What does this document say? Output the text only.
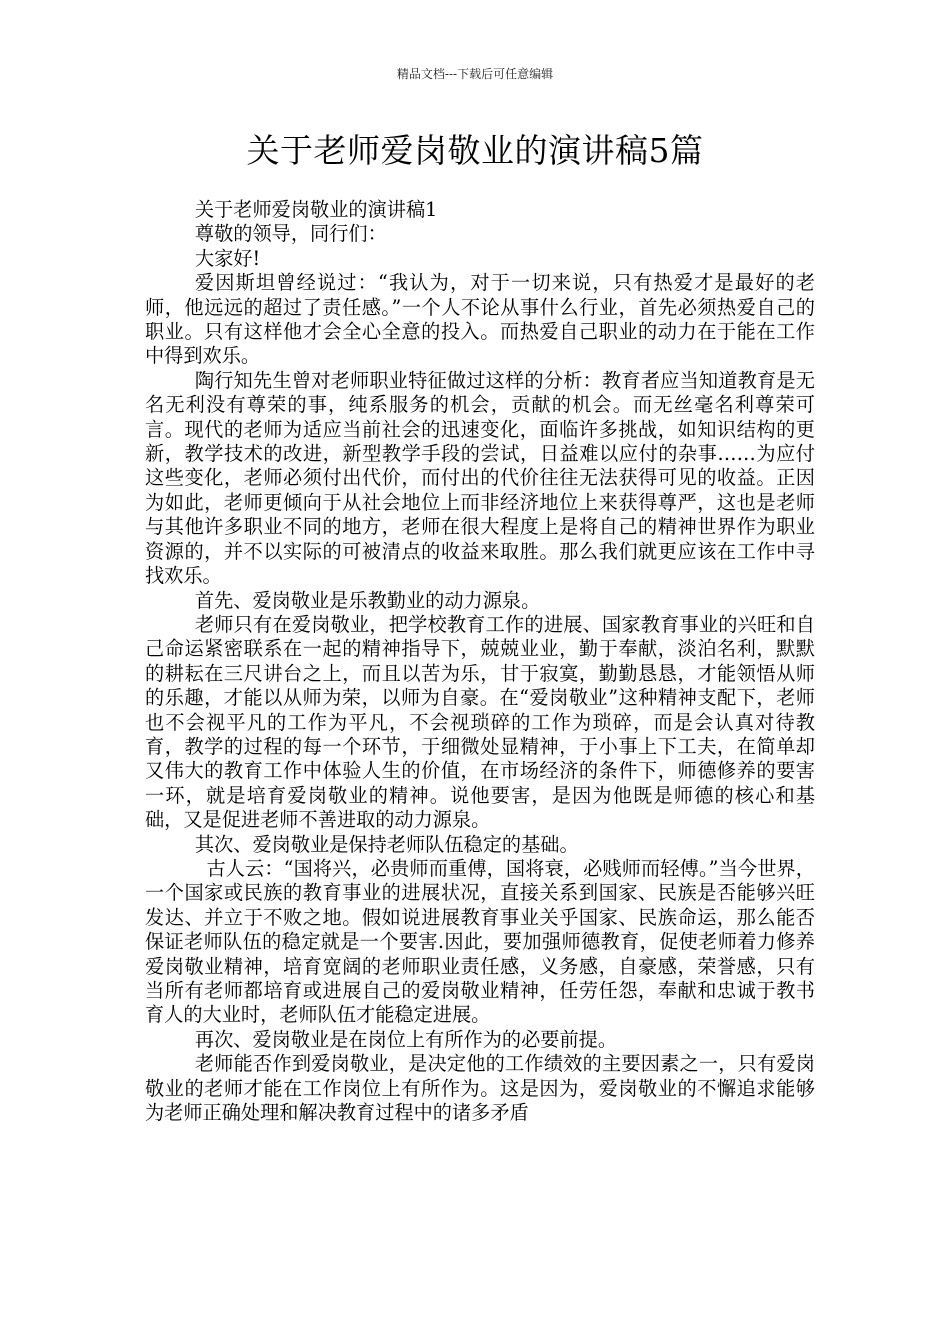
精品文档---下载后可任意编辑
关于老师爱岗敬业的演讲稿5篇

关于老师爱岗敬业的演讲稿1

尊敬的领导，同行们：

大家好!

爱因斯坦曾经说过：“我认为，对于一切来说，只有热爱才是最好的老师，他远远的超过了责任感。”一个人不论从事什么行业，首先必须热爱自己的职业。只有这样他才会全心全意的投入。而热爱自己职业的动力在于能在工作中得到欢乐。

陶行知先生曾对老师职业特征做过这样的分析：教育者应当知道教育是无名无利没有尊荣的事，纯系服务的机会，贡献的机会。而无丝毫名利尊荣可言。现代的老师为适应当前社会的迅速变化，面临许多挑战，如知识结构的更新，教学技术的改进，新型教学手段的尝试，日益难以应付的杂事……为应付这些变化，老师必须付出代价，而付出的代价往往无法获得可见的收益。正因为如此，老师更倾向于从社会地位上而非经济地位上来获得尊严，这也是老师与其他许多职业不同的地方，老师在很大程度上是将自己的精神世界作为职业资源的，并不以实际的可被清点的收益来取胜。那么我们就更应该在工作中寻找欢乐。

首先、爱岗敬业是乐教勤业的动力源泉。

老师只有在爱岗敬业，把学校教育工作的进展、国家教育事业的兴旺和自己命运紧密联系在一起的精神指导下，兢兢业业，勤于奉献，淡泊名利，默默的耕耘在三尺讲台之上，而且以苦为乐，甘于寂寞，勤勤恳恳，才能领悟从师的乐趣，才能以从师为荣，以师为自豪。在“爱岗敬业”这种精神支配下，老师也不会视平凡的工作为平凡，不会视琐碎的工作为琐碎，而是会认真对待教育，教学的过程的每一个环节，于细微处显精神，于小事上下工夫，在简单却又伟大的教育工作中体验人生的价值，在市场经济的条件下，师德修养的要害一环，就是培育爱岗敬业的精神。说他要害，是因为他既是师德的核心和基础，又是促进老师不善进取的动力源泉。

其次、爱岗敬业是保持老师队伍稳定的基础。

古人云：“国将兴，必贵师而重傅，国将衰，必贱师而轻傅。”当今世界，一个国家或民族的教育事业的进展状况，直接关系到国家、民族是否能够兴旺发达、并立于不败之地。假如说进展教育事业关乎国家、民族命运，那么能否保证老师队伍的稳定就是一个要害.因此，要加强师德教育，促使老师着力修养爱岗敬业精神，培育宽阔的老师职业责任感，义务感，自豪感，荣誉感，只有当所有老师都培育或进展自己的爱岗敬业精神，任劳任怨，奉献和忠诚于教书育人的大业时，老师队伍才能稳定进展。

再次、爱岗敬业是在岗位上有所作为的必要前提。

老师能否作到爱岗敬业，是决定他的工作绩效的主要因素之一，只有爱岗敬业的老师才能在工作岗位上有所作为。这是因为，爱岗敬业的不懈追求能够为老师正确处理和解决教育过程中的诸多矛盾
